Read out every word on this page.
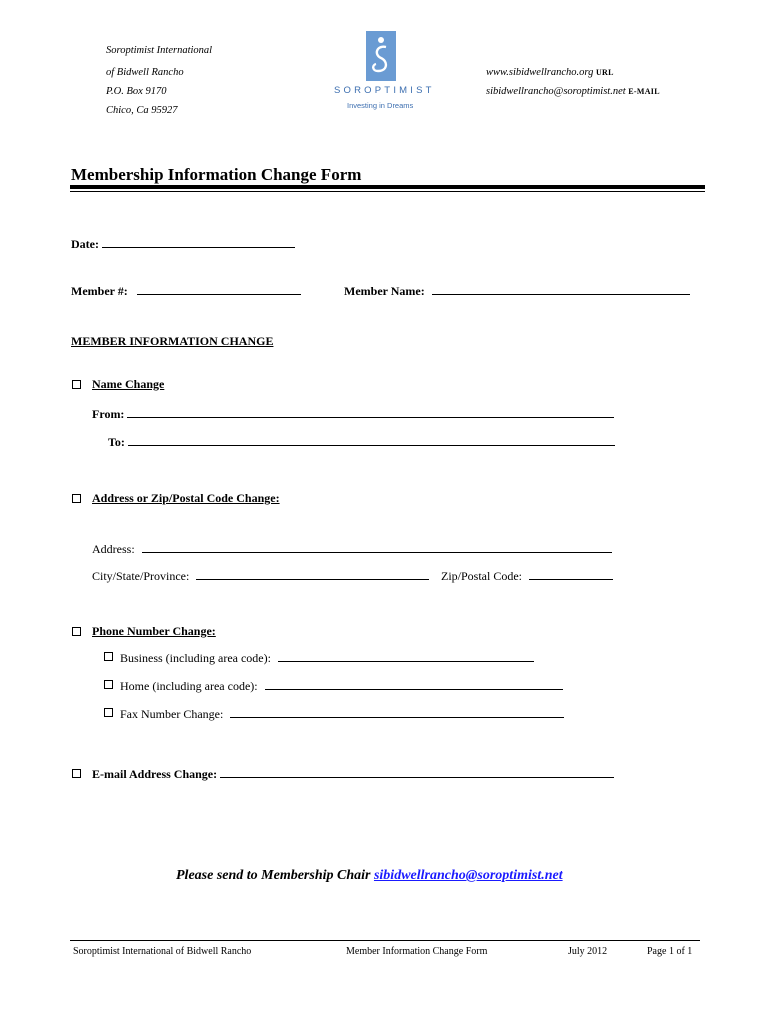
Soroptimist International
of Bidwell Rancho
P.O. Box 9170
Chico, Ca 95927
SOROPTIMIST
Investing in Dreams
www.sibidwellrancho.org URL
sibidwellrancho@soroptimist.net E-MAIL
Membership Information Change Form
Date:
Member #:	Member Name:
MEMBER INFORMATION CHANGE
Name Change
From:
To:
Address or Zip/Postal Code Change:
Address:
City/State/Province:	Zip/Postal Code:
Phone Number Change:
Business (including area code):
Home (including area code):
Fax Number Change:
E-mail Address Change:
Please send to Membership Chair sibidwellrancho@soroptimist.net
Soroptimist International of Bidwell Rancho	Member Information Change Form	July 2012	Page 1 of 1
